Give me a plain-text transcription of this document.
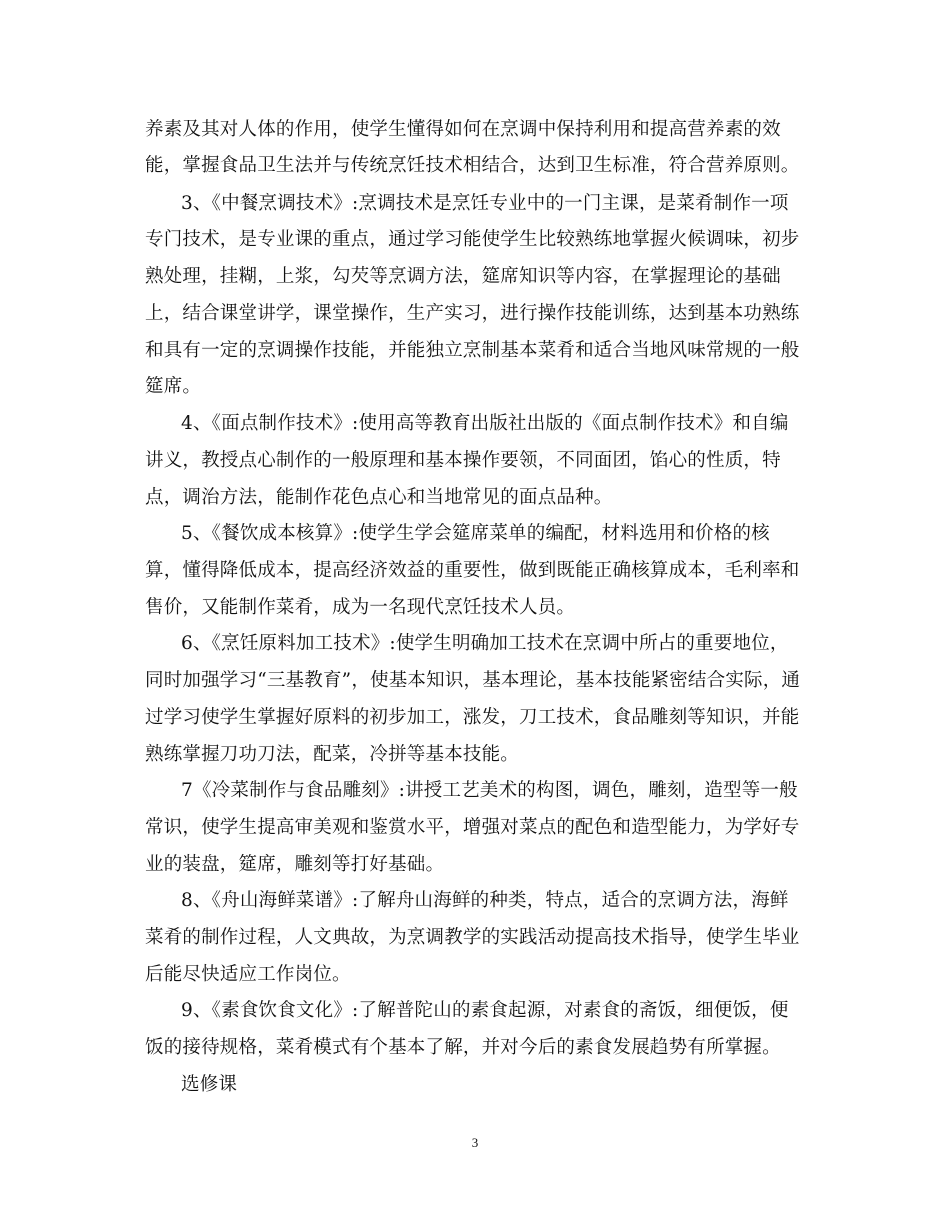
养素及其对人体的作用，使学生懂得如何在烹调中保持利用和提高营养素的效
能，掌握食品卫生法并与传统烹饪技术相结合，达到卫生标准，符合营养原则。
3、《中餐烹调技术》:烹调技术是烹饪专业中的一门主课，是菜肴制作一项
专门技术，是专业课的重点，通过学习能使学生比较熟练地掌握火候调味，初步
熟处理，挂糊，上浆，勾芡等烹调方法，筵席知识等内容，在掌握理论的基础
上，结合课堂讲学，课堂操作，生产实习，进行操作技能训练，达到基本功熟练
和具有一定的烹调操作技能，并能独立烹制基本菜肴和适合当地风味常规的一般
筵席。
4、《面点制作技术》:使用高等教育出版社出版的《面点制作技术》和自编
讲义，教授点心制作的一般原理和基本操作要领，不同面团，馅心的性质，特
点，调治方法，能制作花色点心和当地常见的面点品种。
5、《餐饮成本核算》:使学生学会筵席菜单的编配，材料选用和价格的核
算，懂得降低成本，提高经济效益的重要性，做到既能正确核算成本，毛利率和
售价，又能制作菜肴，成为一名现代烹饪技术人员。
6、《烹饪原料加工技术》:使学生明确加工技术在烹调中所占的重要地位，
同时加强学习“三基教育”，使基本知识，基本理论，基本技能紧密结合实际，通
过学习使学生掌握好原料的初步加工，涨发，刀工技术，食品雕刻等知识，并能
熟练掌握刀功刀法，配菜，冷拼等基本技能。
7《冷菜制作与食品雕刻》:讲授工艺美术的构图，调色，雕刻，造型等一般
常识，使学生提高审美观和鉴赏水平，增强对菜点的配色和造型能力，为学好专
业的装盘，筵席，雕刻等打好基础。
8、《舟山海鲜菜谱》:了解舟山海鲜的种类，特点，适合的烹调方法，海鲜
菜肴的制作过程，人文典故，为烹调教学的实践活动提高技术指导，使学生毕业
后能尽快适应工作岗位。
9、《素食饮食文化》:了解普陀山的素食起源，对素食的斋饭，细便饭，便
饭的接待规格，菜肴模式有个基本了解，并对今后的素食发展趋势有所掌握。
选修课
3
